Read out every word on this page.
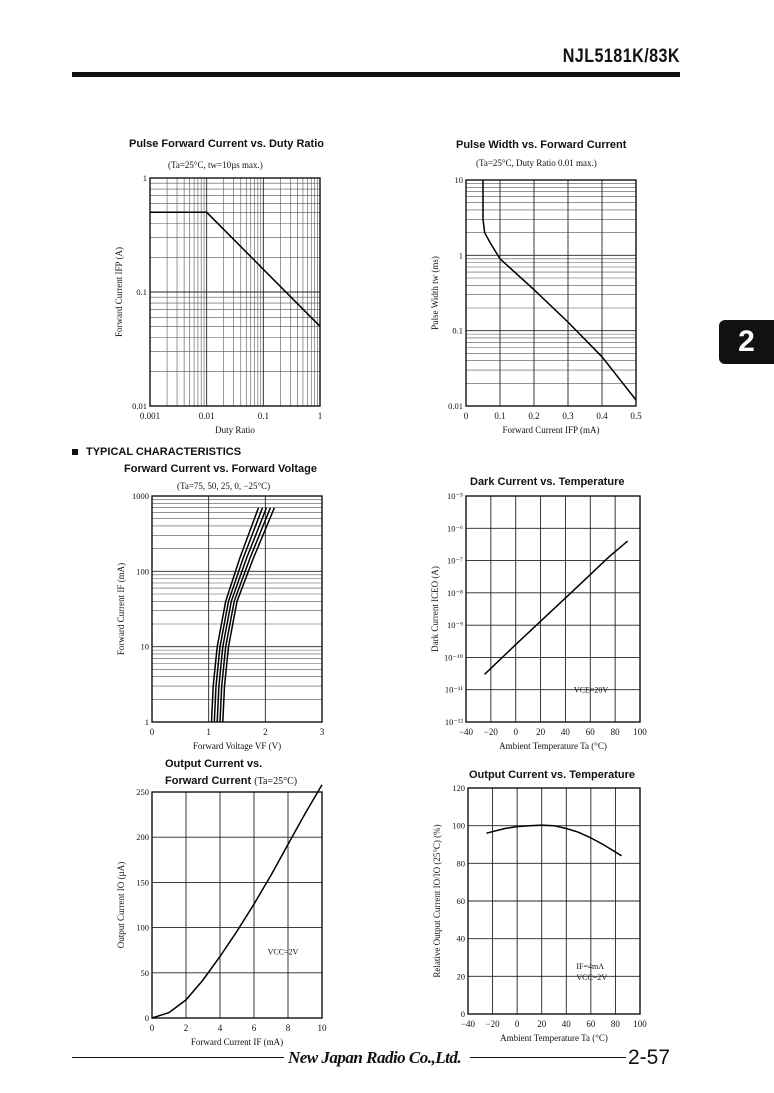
NJL5181K/83K
2
TYPICAL CHARACTERISTICS
Pulse Forward Current vs. Duty Ratio
(Ta=25°C, tw=10µs max.)
Pulse Width vs. Forward Current
(Ta=25°C, Duty Ratio 0.01 max.)
Forward Current vs. Forward Voltage
(Ta=75, 50, 25, 0, −25°C)	Dark Current vs. Temperature
Output Current vs.
Forward Current (Ta=25°C)
Output Current vs. Temperature
0.001	0.01	0.1	1
0.01
0.1
1
Duty Ratio
Forward Current IFP (A)
0	0.1	0.2	0.3	0.4	0.5
0.01
0.1
1
10
Forward Current IFP (mA)
Pulse Width tw (ms)
0	1	2	3
1
10
100
1000
Forward Voltage VF (V)
Forward Current IF (mA)
−40 −20 0 20 40 60 80 100
10⁻¹²
10⁻¹¹
10⁻¹⁰
10⁻⁹
10⁻⁸
10⁻⁷
10⁻⁶
10⁻⁵
Ambient Temperature Ta (°C)
Dark Current ICEO (A)
VCE=20V
0	2	4	6	8	10
0
50
100
150
200
250
Forward Current IF (mA)
Output Current IO (µA)
VCC=2V
−40 −20 0 20 40 60 80 100
0
20
40
60
80
100
120
Ambient Temperature Ta (°C)
Relative Output Current IO/IO (25°C) (%)	IF=4mA
VCC=2V
New Japan Radio Co.,Ltd.	2-57
